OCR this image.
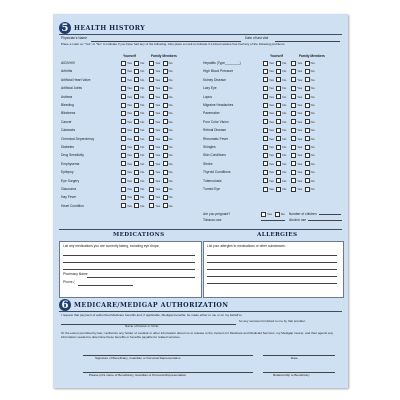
5 HEALTH HISTORY
Physician's Name	Date of last visit
Place a mark on "Yes" or "No" to indicate if you have had any of the following. Also place a mark to indicate if a blood relative has had any of the following problems.
Yourself	Family Members	Yourself	Family Members
AIDS/HIV	Yes	No	Yes	No
Arthritis	Yes	No	Yes	No
Artificial Heart Valve	Yes	No	Yes	No
Artificial Joints	Yes	No	Yes	No
Asthma	Yes	No	Yes	No
Bleeding	Yes	No	Yes	No
Blindness	Yes	No	Yes	No
Cancer	Yes	No	Yes	No
Cataracts	Yes	No	Yes	No
Chemical Dependency	Yes	No	Yes	No
Diabetes	Yes	No	Yes	No
Drug Sensitivity	Yes	No	Yes	No
Emphysema	Yes	No	Yes	No
Epilepsy	Yes	No	Yes	No
Eye Surgery	Yes	No	Yes	No
Glaucoma	Yes	No	Yes	No
Hay Fever	Yes	No	Yes	No
Heart Condition	Yes	No	Yes	No
Hepatitis (Type________)	Yes	No	Yes	No
High Blood Pressure	Yes	No	Yes	No
Kidney Disease	Yes	No	Yes	No
Lazy Eye	Yes	No	Yes	No
Lupus	Yes	No	Yes	No
Migraine Headaches	Yes	No	Yes	No
Pacemaker	Yes	No	Yes	No
Poor Color Vision	Yes	No	Yes	No
Retinal Disease	Yes	No	Yes	No
Rheumatic Fever	Yes	No	Yes	No
Shingles	Yes	No	Yes	No
Skin Conditions	Yes	No	Yes	No
Stroke	Yes	No	Yes	No
Thyroid Conditions	Yes	No	Yes	No
Tuberculosis	Yes	No	Yes	No
Turned Eye	Yes	No	Yes	No
Are you pregnant?	Yes	No Number of children
Tobacco use	Alcohol use
MEDICATIONS	ALLERGIES
List any medications you are currently taking, including eye drops:
Pharmacy Name
Phone (
List your allergies to medications or other substances:
6 MEDICARE/MEDIGAP AUTHORIZATION
I request that payment of authorized Medicare benefits and, if applicable, Medigap benefits, be made either to me or on my behalf to
for any services furnished to me by that provider.
Name of Doctor or Clinic
To the extent permitted by law, I authorize any holder of medical or other information about me to release to the Centers for Medicare and Medicaid Services, my Medigap insurer, and their agents any information needed to determine these benefits or benefits payable for related services.
Signature of Beneficiary, Guardian or Personal Representative	Date
Please print name of Beneficiary, Guardian or Personal Representative	Relationship to Beneficiary
